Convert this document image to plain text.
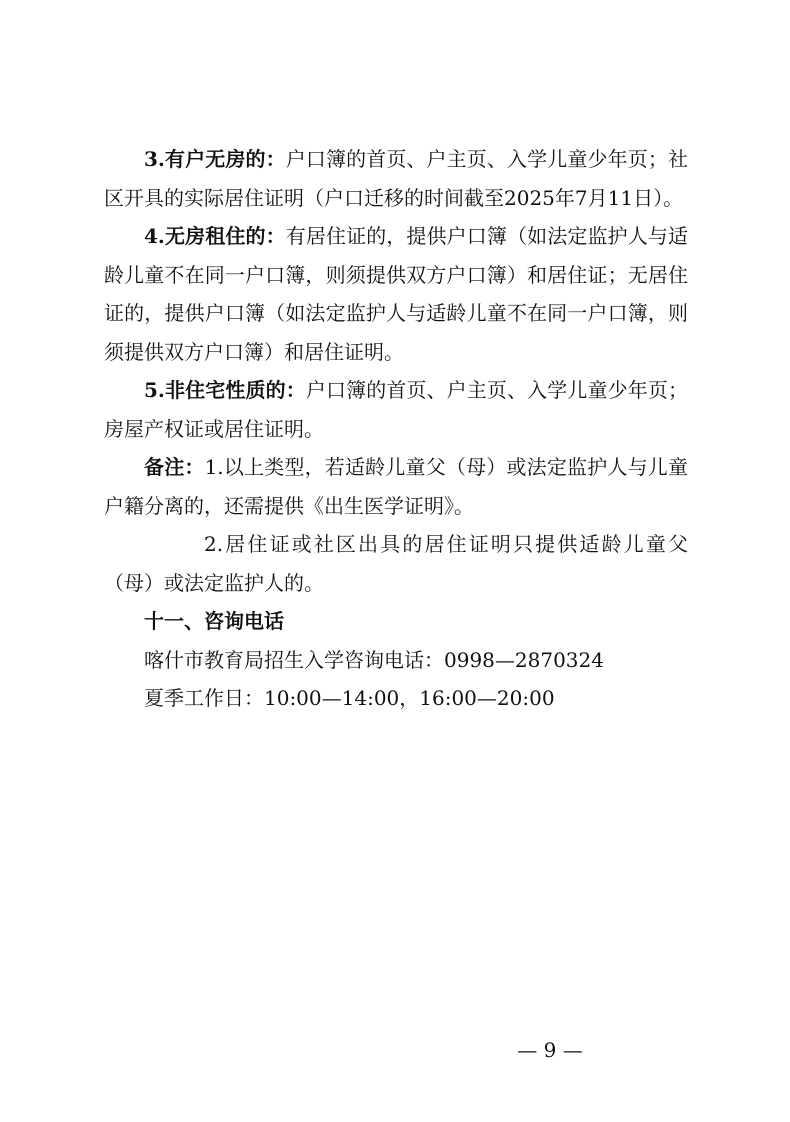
3.有户无房的：户口簿的首页、户主页、入学儿童少年页；社区开具的实际居住证明（户口迁移的时间截至2025年7月11日）。

4.无房租住的：有居住证的，提供户口簿（如法定监护人与适龄儿童不在同一户口簿，则须提供双方户口簿）和居住证；无居住证的，提供户口簿（如法定监护人与适龄儿童不在同一户口簿，则须提供双方户口簿）和居住证明。

5.非住宅性质的：户口簿的首页、户主页、入学儿童少年页；房屋产权证或居住证明。

备注：1.以上类型，若适龄儿童父（母）或法定监护人与儿童户籍分离的，还需提供《出生医学证明》。

2.居住证或社区出具的居住证明只提供适龄儿童父（母）或法定监护人的。

十一、咨询电话

喀什市教育局招生入学咨询电话：0998—2870324

夏季工作日：10:00—14:00，16:00—20:00

— 9 —
